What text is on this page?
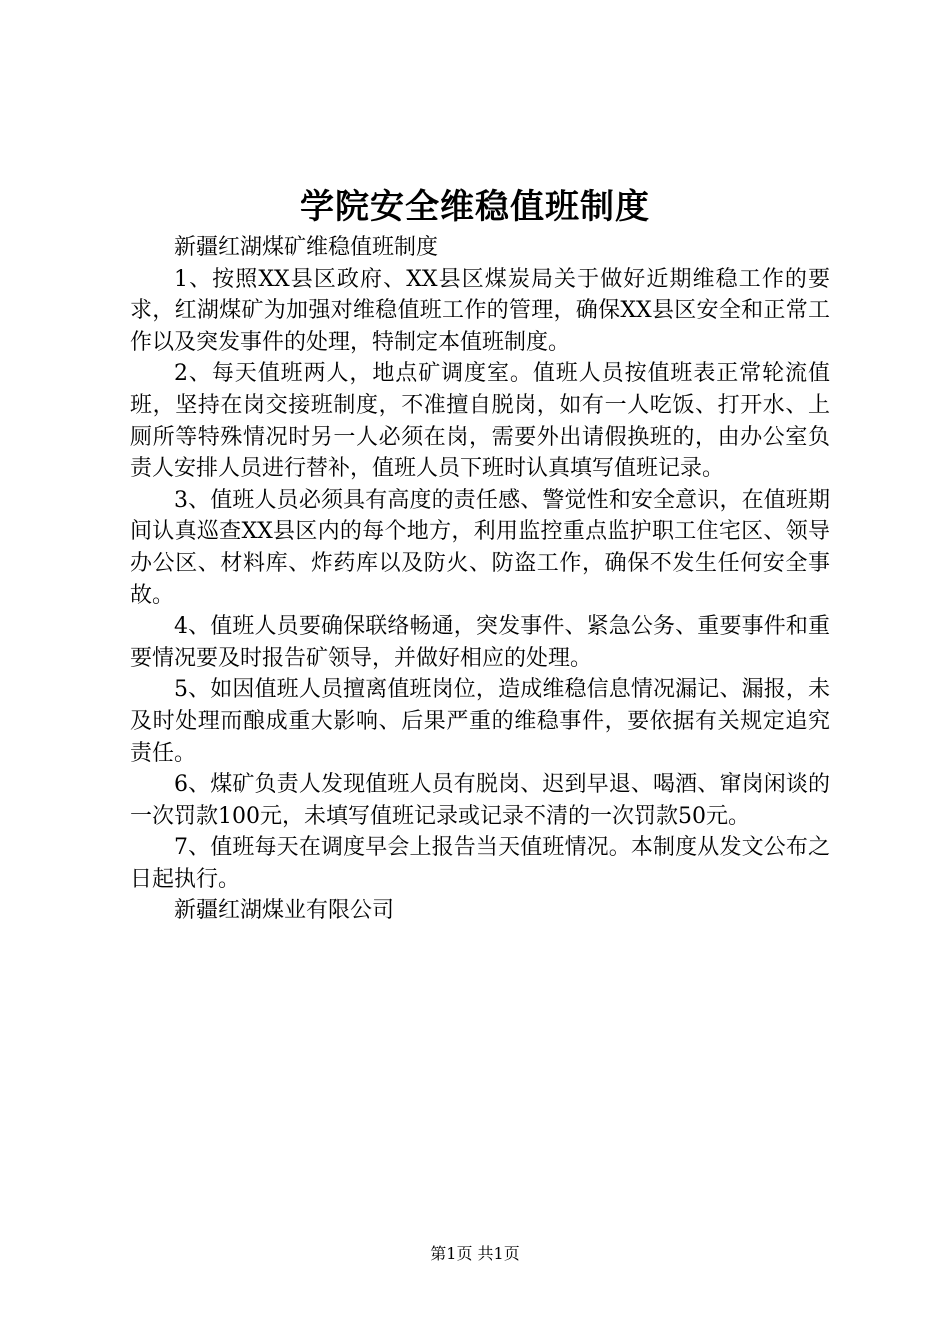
学院安全维稳值班制度

新疆红湖煤矿维稳值班制度

1、按照XX县区政府、XX县区煤炭局关于做好近期维稳工作的要求，红湖煤矿为加强对维稳值班工作的管理，确保XX县区安全和正常工作以及突发事件的处理，特制定本值班制度。

2、每天值班两人，地点矿调度室。值班人员按值班表正常轮流值班，坚持在岗交接班制度，不准擅自脱岗，如有一人吃饭、打开水、上厕所等特殊情况时另一人必须在岗，需要外出请假换班的，由办公室负责人安排人员进行替补，值班人员下班时认真填写值班记录。

3、值班人员必须具有高度的责任感、警觉性和安全意识，在值班期间认真巡查XX县区内的每个地方，利用监控重点监护职工住宅区、领导办公区、材料库、炸药库以及防火、防盗工作，确保不发生任何安全事故。

4、值班人员要确保联络畅通，突发事件、紧急公务、重要事件和重要情况要及时报告矿领导，并做好相应的处理。

5、如因值班人员擅离值班岗位，造成维稳信息情况漏记、漏报，未及时处理而酿成重大影响、后果严重的维稳事件，要依据有关规定追究责任。

6、煤矿负责人发现值班人员有脱岗、迟到早退、喝酒、窜岗闲谈的一次罚款100元，未填写值班记录或记录不清的一次罚款50元。

7、值班每天在调度早会上报告当天值班情况。本制度从发文公布之日起执行。

新疆红湖煤业有限公司

第1页 共1页
